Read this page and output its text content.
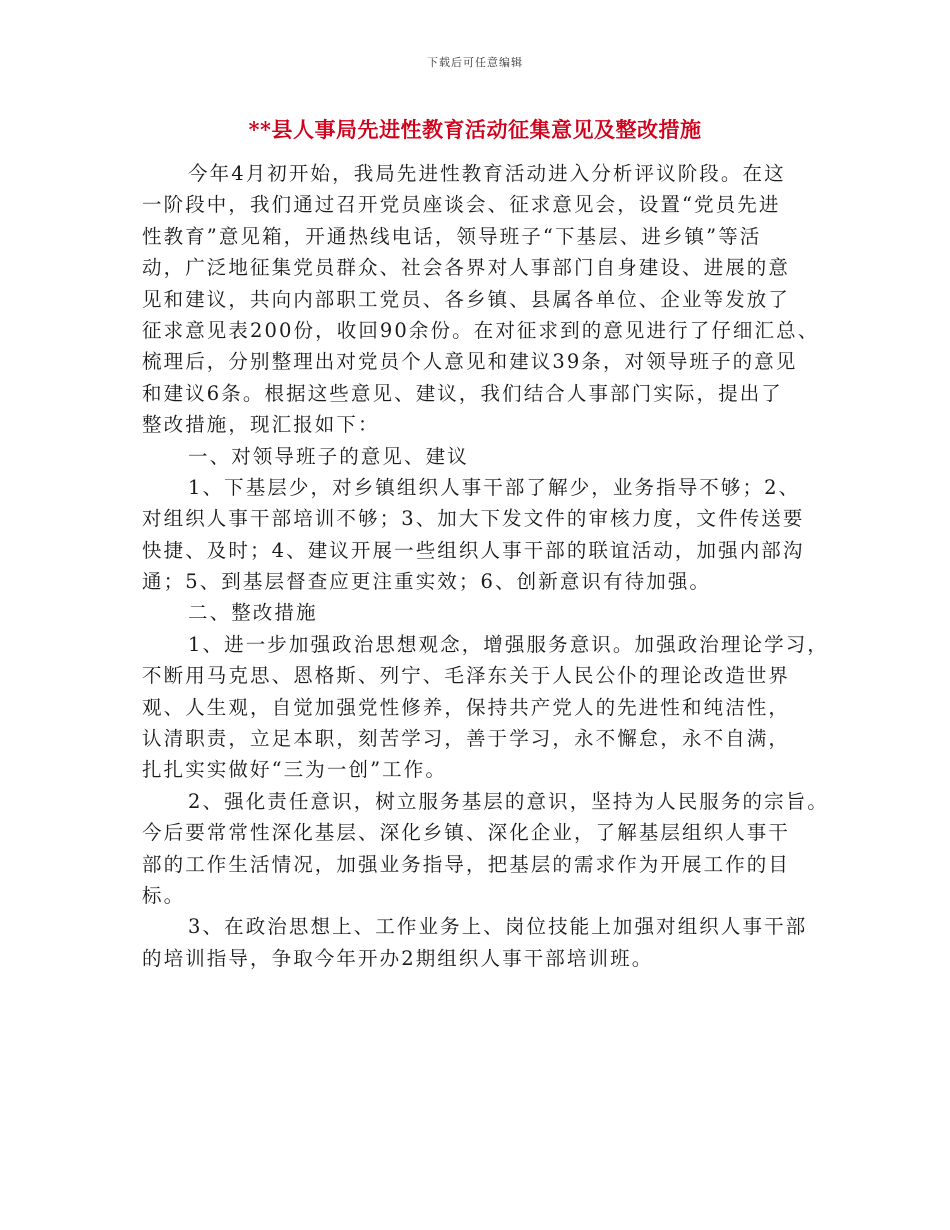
下载后可任意编辑
**县人事局先进性教育活动征集意见及整改措施
今年4月初开始，我局先进性教育活动进入分析评议阶段。在这
一阶段中，我们通过召开党员座谈会、征求意见会，设置“党员先进
性教育”意见箱，开通热线电话，领导班子“下基层、进乡镇”等活
动，广泛地征集党员群众、社会各界对人事部门自身建设、进展的意
见和建议，共向内部职工党员、各乡镇、县属各单位、企业等发放了
征求意见表200份，收回90余份。在对征求到的意见进行了仔细汇总、
梳理后，分别整理出对党员个人意见和建议39条，对领导班子的意见
和建议6条。根据这些意见、建议，我们结合人事部门实际，提出了
整改措施，现汇报如下：
一、对领导班子的意见、建议
1、下基层少，对乡镇组织人事干部了解少，业务指导不够；2、
对组织人事干部培训不够；3、加大下发文件的审核力度，文件传送要
快捷、及时；4、建议开展一些组织人事干部的联谊活动，加强内部沟
通；5、到基层督查应更注重实效；6、创新意识有待加强。
二、整改措施
1、进一步加强政治思想观念，增强服务意识。加强政治理论学习，
不断用马克思、恩格斯、列宁、毛泽东关于人民公仆的理论改造世界
观、人生观，自觉加强党性修养，保持共产党人的先进性和纯洁性，
认清职责，立足本职，刻苦学习，善于学习，永不懈怠，永不自满，
扎扎实实做好“三为一创”工作。
2、强化责任意识，树立服务基层的意识，坚持为人民服务的宗旨。
今后要常常性深化基层、深化乡镇、深化企业，了解基层组织人事干
部的工作生活情况，加强业务指导，把基层的需求作为开展工作的目
标。
3、在政治思想上、工作业务上、岗位技能上加强对组织人事干部
的培训指导，争取今年开办2期组织人事干部培训班。
